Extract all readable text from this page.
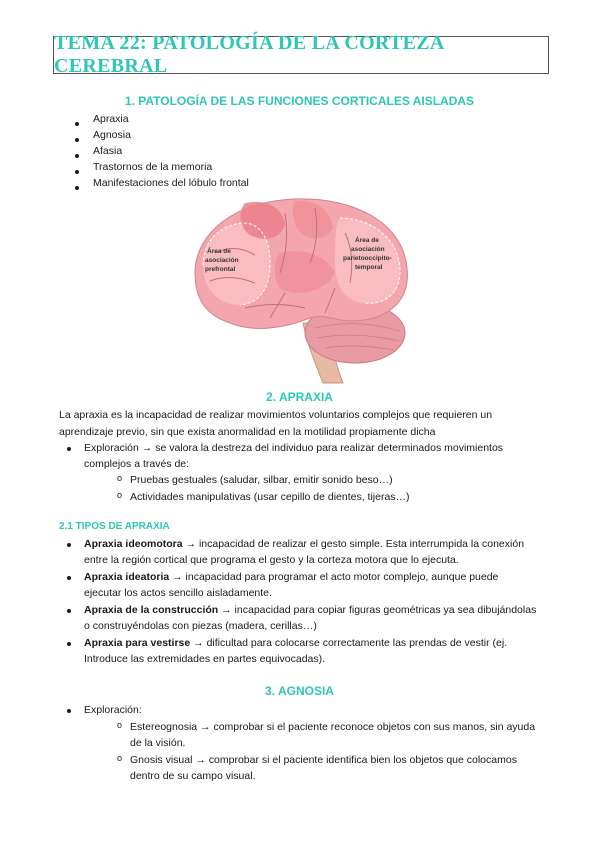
TEMA 22: PATOLOGÍA DE LA CORTEZA CEREBRAL
1. PATOLOGÍA DE LAS FUNCIONES CORTICALES AISLADAS
Apraxia
Agnosia
Afasia
Trastornos de la memoria
Manifestaciones del lóbulo frontal
Área de
asociación
prefrontal
Área de
asociación
parietooccipito-
temporal
2. APRAXIA
La apraxia es la incapacidad de realizar movimientos voluntarios complejos que requieren un
aprendizaje previo, sin que exista anormalidad en la motilidad propiamente dicha
Exploración → se valora la destreza del individuo para realizar determinados movimientos
complejos a través de:
o Pruebas gestuales (saludar, silbar, emitir sonido beso…)
o Actividades manipulativas (usar cepillo de dientes, tijeras…)
2.1 TIPOS DE APRAXIA
Apraxia ideomotora → incapacidad de realizar el gesto simple. Esta interrumpida la conexión
entre la región cortical que programa el gesto y la corteza motora que lo ejecuta.
Apraxia ideatoria → incapacidad para programar el acto motor complejo, aunque puede
ejecutar los actos sencillo aisladamente.
Apraxia de la construcción → incapacidad para copiar figuras geométricas ya sea dibujándolas
o construyéndolas con piezas (madera, cerillas…)
Apraxia para vestirse → dificultad para colocarse correctamente las prendas de vestir (ej.
Introduce las extremidades en partes equivocadas).
3. AGNOSIA
Exploración:
o Estereognosia → comprobar si el paciente reconoce objetos con sus manos, sin ayuda
de la visión.
o Gnosis visual → comprobar si el paciente identifica bien los objetos que colocamos
dentro de su campo visual.
